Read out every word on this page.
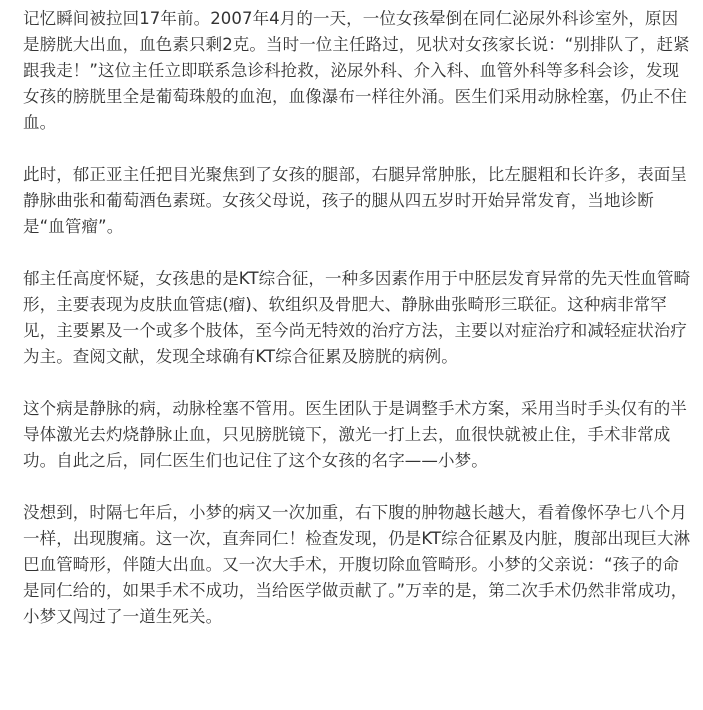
记忆瞬间被拉回17年前。2007年4月的一天，一位女孩晕倒在同仁泌尿外科诊室外，原因是膀胱大出血，血色素只剩2克。当时一位主任路过，见状对女孩家长说：“别排队了，赶紧跟我走！”这位主任立即联系急诊科抢救，泌尿外科、介入科、血管外科等多科会诊，发现女孩的膀胱里全是葡萄珠般的血泡，血像瀑布一样往外涌。医生们采用动脉栓塞，仍止不住血。

此时，郁正亚主任把目光聚焦到了女孩的腿部，右腿异常肿胀，比左腿粗和长许多，表面呈静脉曲张和葡萄酒色素斑。女孩父母说，孩子的腿从四五岁时开始异常发育，当地诊断是“血管瘤”。

郁主任高度怀疑，女孩患的是KT综合征，一种多因素作用于中胚层发育异常的先天性血管畸形，主要表现为皮肤血管痣(瘤)、软组织及骨肥大、静脉曲张畸形三联征。这种病非常罕见，主要累及一个或多个肢体，至今尚无特效的治疗方法，主要以对症治疗和减轻症状治疗为主。查阅文献，发现全球确有KT综合征累及膀胱的病例。

这个病是静脉的病，动脉栓塞不管用。医生团队于是调整手术方案，采用当时手头仅有的半导体激光去灼烧静脉止血，只见膀胱镜下，激光一打上去，血很快就被止住，手术非常成功。自此之后，同仁医生们也记住了这个女孩的名字——小梦。

没想到，时隔七年后，小梦的病又一次加重，右下腹的肿物越长越大，看着像怀孕七八个月一样，出现腹痛。这一次，直奔同仁！检查发现，仍是KT综合征累及内脏，腹部出现巨大淋巴血管畸形，伴随大出血。又一次大手术，开腹切除血管畸形。小梦的父亲说：“孩子的命是同仁给的，如果手术不成功，当给医学做贡献了。”万幸的是，第二次手术仍然非常成功，小梦又闯过了一道生死关。
